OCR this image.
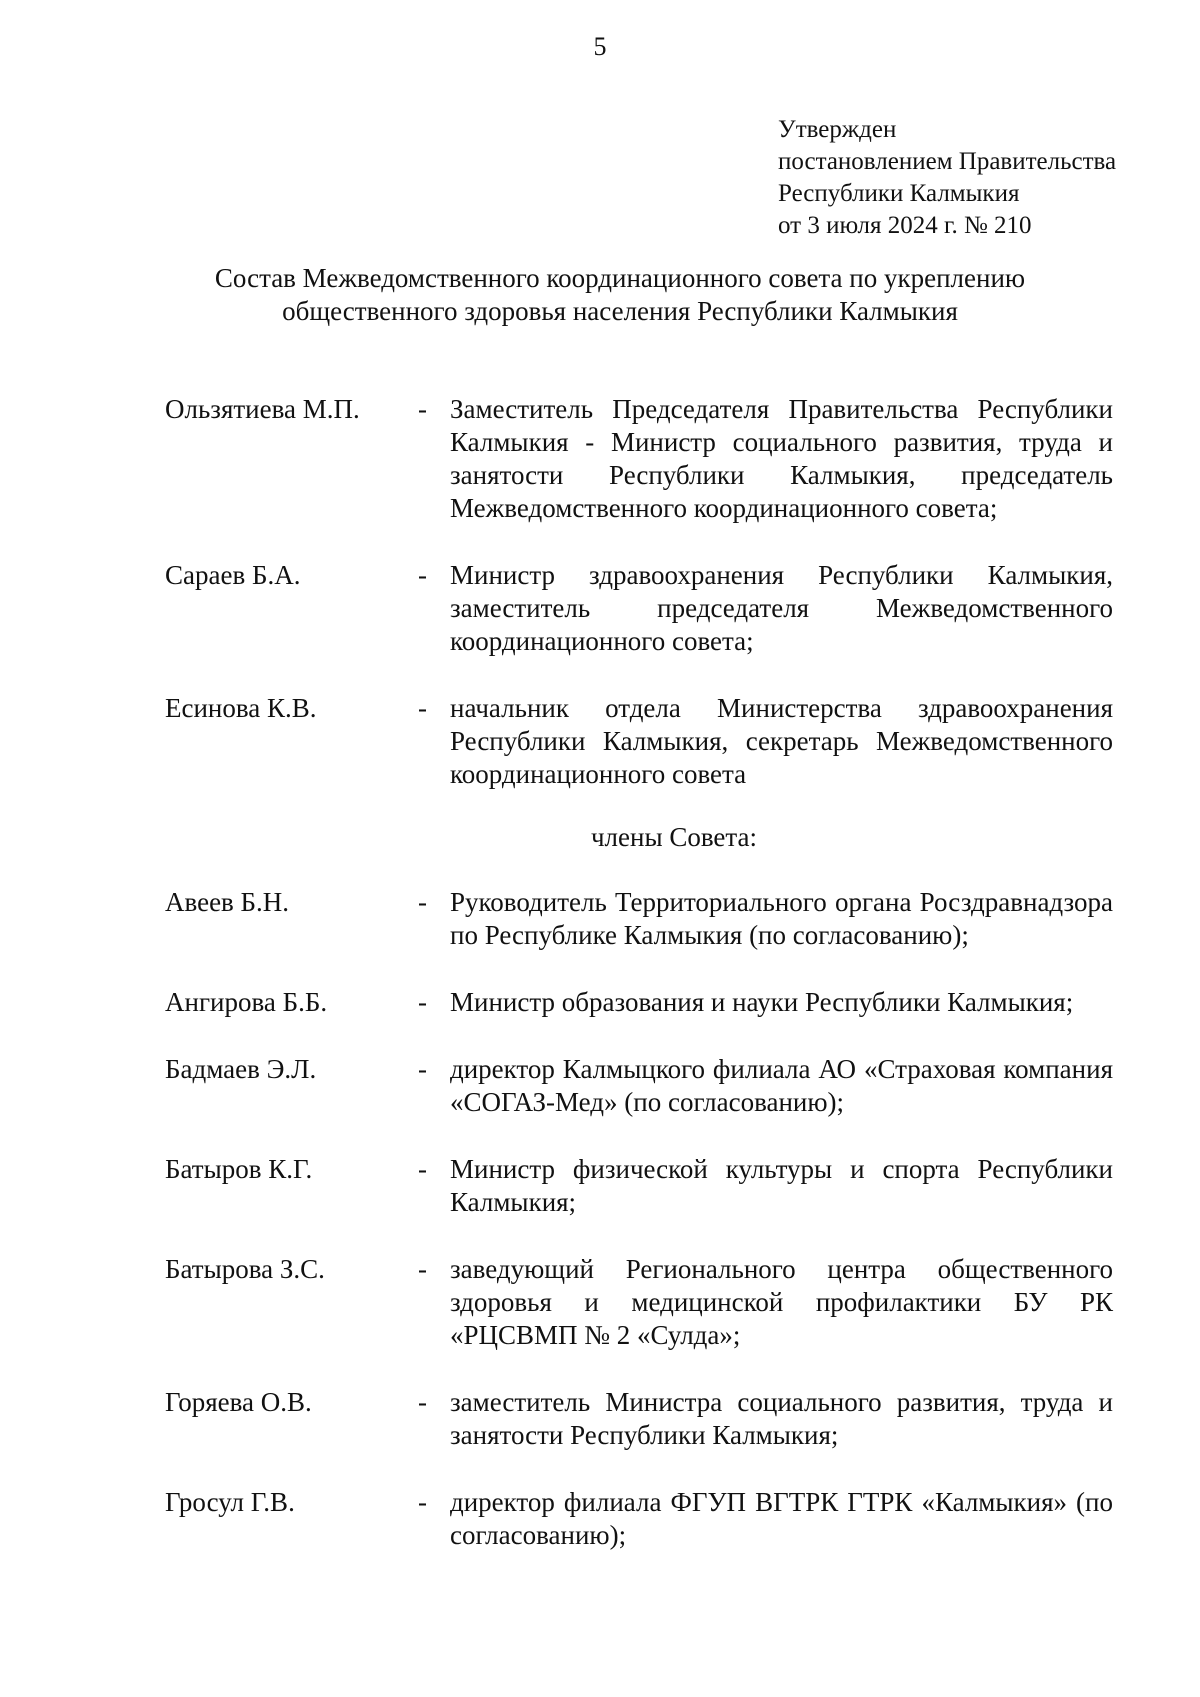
5
Утвержден
постановлением Правительства
Республики Калмыкия
от 3 июля 2024 г. № 210
Состав Межведомственного координационного совета по укреплению
общественного здоровья населения Республики Калмыкия
Ользятиева М.П.	- Заместитель Председателя Правительства Республики Калмыкия - Министр социального развития, труда и занятости Республики Калмыкия, председатель Межведомственного координационного совета;
Сараев Б.А.	- Министр здравоохранения Республики Калмыкия, заместитель председателя Межведомственного координационного совета;
Есинова К.В.	- начальник отдела Министерства здравоохранения Республики Калмыкия, секретарь Межведомственного координационного совета
члены Совета:
Авеев Б.Н.	- Руководитель Территориального органа Росздравнадзора по Республике Калмыкия (по согласованию);
Ангирова Б.Б.	- Министр образования и науки Республики Калмыкия;
Бадмаев Э.Л.	- директор Калмыцкого филиала АО «Страховая компания «СОГАЗ-Мед» (по согласованию);
Батыров К.Г.	- Министр физической культуры и спорта Республики Калмыкия;
Батырова З.С.	- заведующий Регионального центра общественного здоровья и медицинской профилактики БУ РК «РЦСВМП № 2 «Сулда»;
Горяева О.В.	- заместитель Министра социального развития, труда и занятости Республики Калмыкия;
Гросул Г.В.	- директор филиала ФГУП ВГТРК ГТРК «Калмыкия» (по согласованию);
